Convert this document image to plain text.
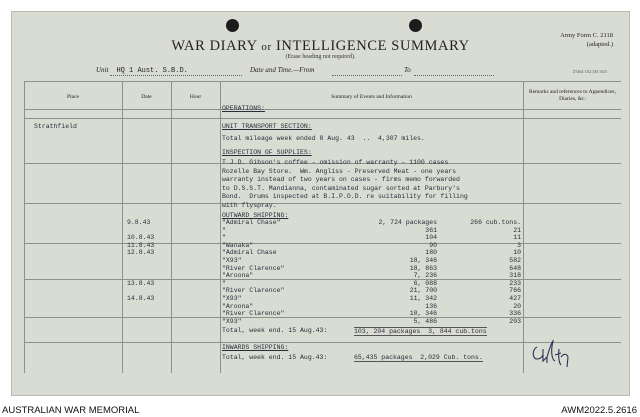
WAR DIARY or INTELLIGENCE SUMMARY
(Erase heading not required).
Army Form C. 2118
(adapted.)
Unit HQ 1 Aust. S.B.D.	Date and Time.—From	To	Z5464 1/42 3M 1633
Place	Date	Hour	Summary of Events and Information
Remarks and references to Appendices, Diaries, &c.
Strathfield
OPERATIONS:
UNIT TRANSPORT SECTION:
Total mileage week ended 8 Aug. 43  ..  4,307 miles.
INSPECTION OF SUPPLIES:
T.J.D. Gibson's coffee - omission of warranty - 1100 cases
Rozelle Bay Store.  Wm. Angliss - Preserved Meat - one years
warranty instead of two years on cases - firms memo forwarded
to D.S.S.T. Mandianna, contaminated sugar sorted at Parbury's
Bond.  Drums inspected at B.I.P.O.D. re suitability for filling
with flyspray.
OUTWARD SHIPPING:
9.8.43	"Admiral Chase"	2, 724 packages	266 cub.tons.
"	361	21
10.8.43	"	104	11
11.8.43	"Wanaka"	90	3
12.8.43	"Admiral Chase	180	10
"X93"	18, 346	582
"River Clarence"	18, 863	648
"Aroona"	7, 236	318
13.8.43	"	6, 088	233
"River Clarence"	21, 700	766
14.8.43	"X93"	11, 342	427
"Aroona"	136	20
"River Clarence"	10, 346	336
"X93"	5, 486	203
Total, week end. 15 Aug.43:	103, 204 packages  3, 844 cub.tons
INWARDS SHIPPING:
Total, week end. 15 Aug.43:	65,435 packages  2,029 Cub. tons.
AUSTRALIAN WAR MEMORIAL	AWM2022.5.2616
